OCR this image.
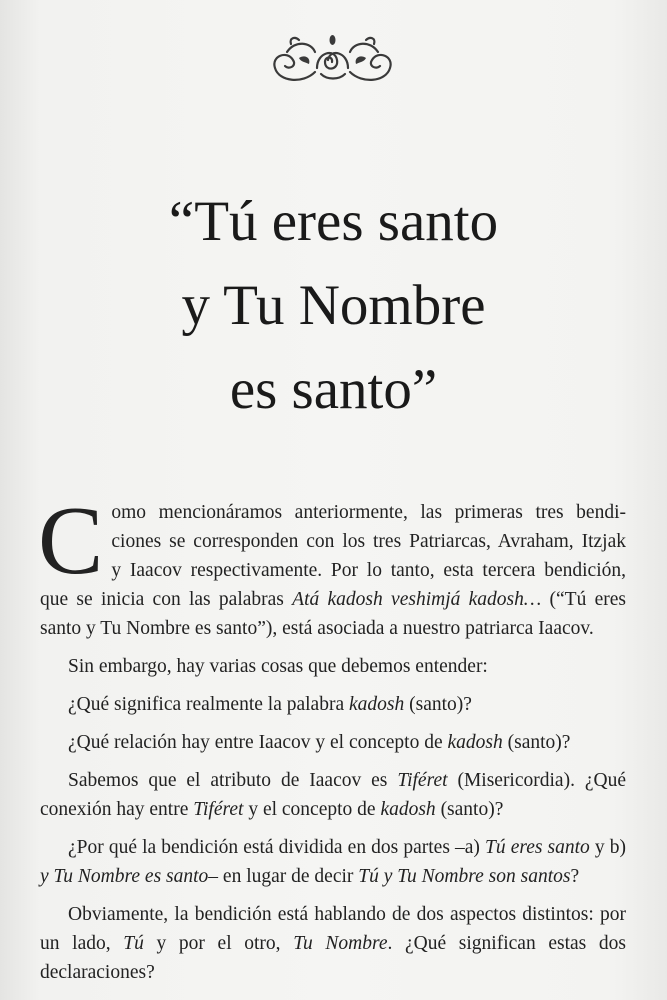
“Tú eres santo
y Tu Nombre
es santo”

C omo mencionáramos anteriormente, las primeras tres bendi-
ciones se corresponden con los tres Patriarcas, Avraham, Itzjak
y Iaacov respectivamente. Por lo tanto, esta tercera bendición,
que se inicia con las palabras Atá kadosh veshimjá kadosh… (“Tú eres
santo y Tu Nombre es santo”), está asociada a nuestro patriarca Iaacov.

Sin embargo, hay varias cosas que debemos entender:

¿Qué significa realmente la palabra kadosh (santo)?

¿Qué relación hay entre Iaacov y el concepto de kadosh (santo)?

Sabemos que el atributo de Iaacov es Tiféret (Misericordia). ¿Qué conexión hay entre Tiféret y el concepto de kadosh (santo)?

¿Por qué la bendición está dividida en dos partes –a) Tú eres santo y b) y Tu Nombre es santo– en lugar de decir Tú y Tu Nombre son santos?

Obviamente, la bendición está hablando de dos aspectos distintos: por un lado, Tú y por el otro, Tu Nombre. ¿Qué significan estas dos declaraciones?
